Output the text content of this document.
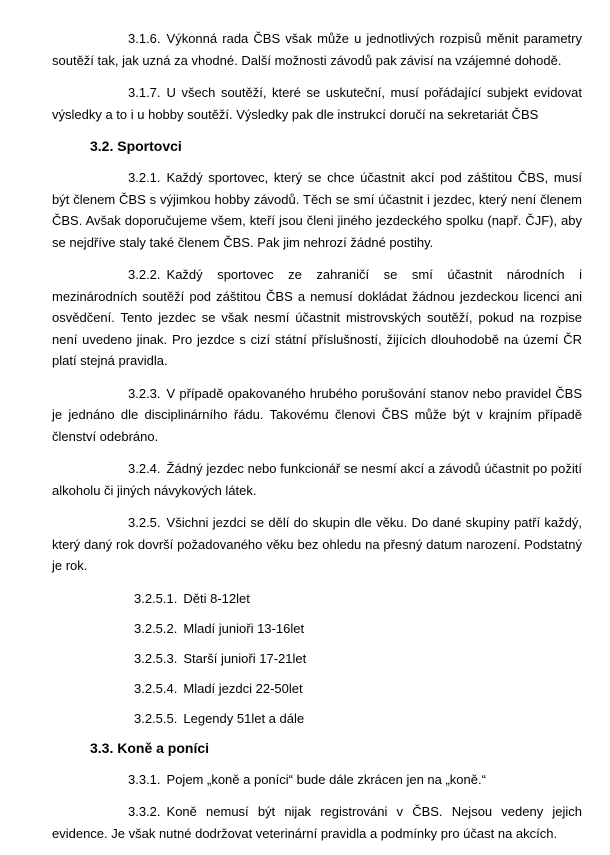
3.1.6. Výkonná rada ČBS však může u jednotlivých rozpisů měnit parametry soutěží tak, jak uzná za vhodné. Další možnosti závodů pak závisí na vzájemné dohodě.

3.1.7. U všech soutěží, které se uskuteční, musí pořádající subjekt evidovat výsledky a to i u hobby soutěží. Výsledky pak dle instrukcí doručí na sekretariát ČBS

3.2. Sportovci

3.2.1. Každý sportovec, který se chce účastnit akcí pod záštitou ČBS, musí být členem ČBS s výjimkou hobby závodů. Těch se smí účastnit i jezdec, který není členem ČBS. Avšak doporučujeme všem, kteří jsou členi jiného jezdeckého spolku (např. ČJF), aby se nejdříve staly také členem ČBS. Pak jim nehrozí žádné postihy.

3.2.2. Každý sportovec ze zahraničí se smí účastnit národních i mezinárodních soutěží pod záštitou ČBS a nemusí dokládat žádnou jezdeckou licenci ani osvědčení. Tento jezdec se však nesmí účastnit mistrovských soutěží, pokud na rozpise není uvedeno jinak. Pro jezdce s cizí státní příslušností, žijících dlouhodobě na území ČR platí stejná pravidla.

3.2.3. V případě opakovaného hrubého porušování stanov nebo pravidel ČBS je jednáno dle disciplinárního řádu. Takovému členovi ČBS může být v krajním případě členství odebráno.

3.2.4. Žádný jezdec nebo funkcionář se nesmí akcí a závodů účastnit po požití alkoholu či jiných návykových látek.

3.2.5. Všichni jezdci se dělí do skupin dle věku. Do dané skupiny patří každý, který daný rok dovrší požadovaného věku bez ohledu na přesný datum narození. Podstatný je rok.

3.2.5.1. Děti 8-12let
3.2.5.2. Mladí junioři 13-16let
3.2.5.3. Starší junioři 17-21let
3.2.5.4. Mladí jezdci 22-50let
3.2.5.5. Legendy 51let a dále
3.3. Koně a poníci

3.3.1. Pojem „koně a poníci“ bude dále zkrácen jen na „koně.“

3.3.2. Koně nemusí být nijak registrováni v ČBS. Nejsou vedeny jejich evidence. Je však nutné dodržovat veterinární pravidla a podmínky pro účast na akcích.
